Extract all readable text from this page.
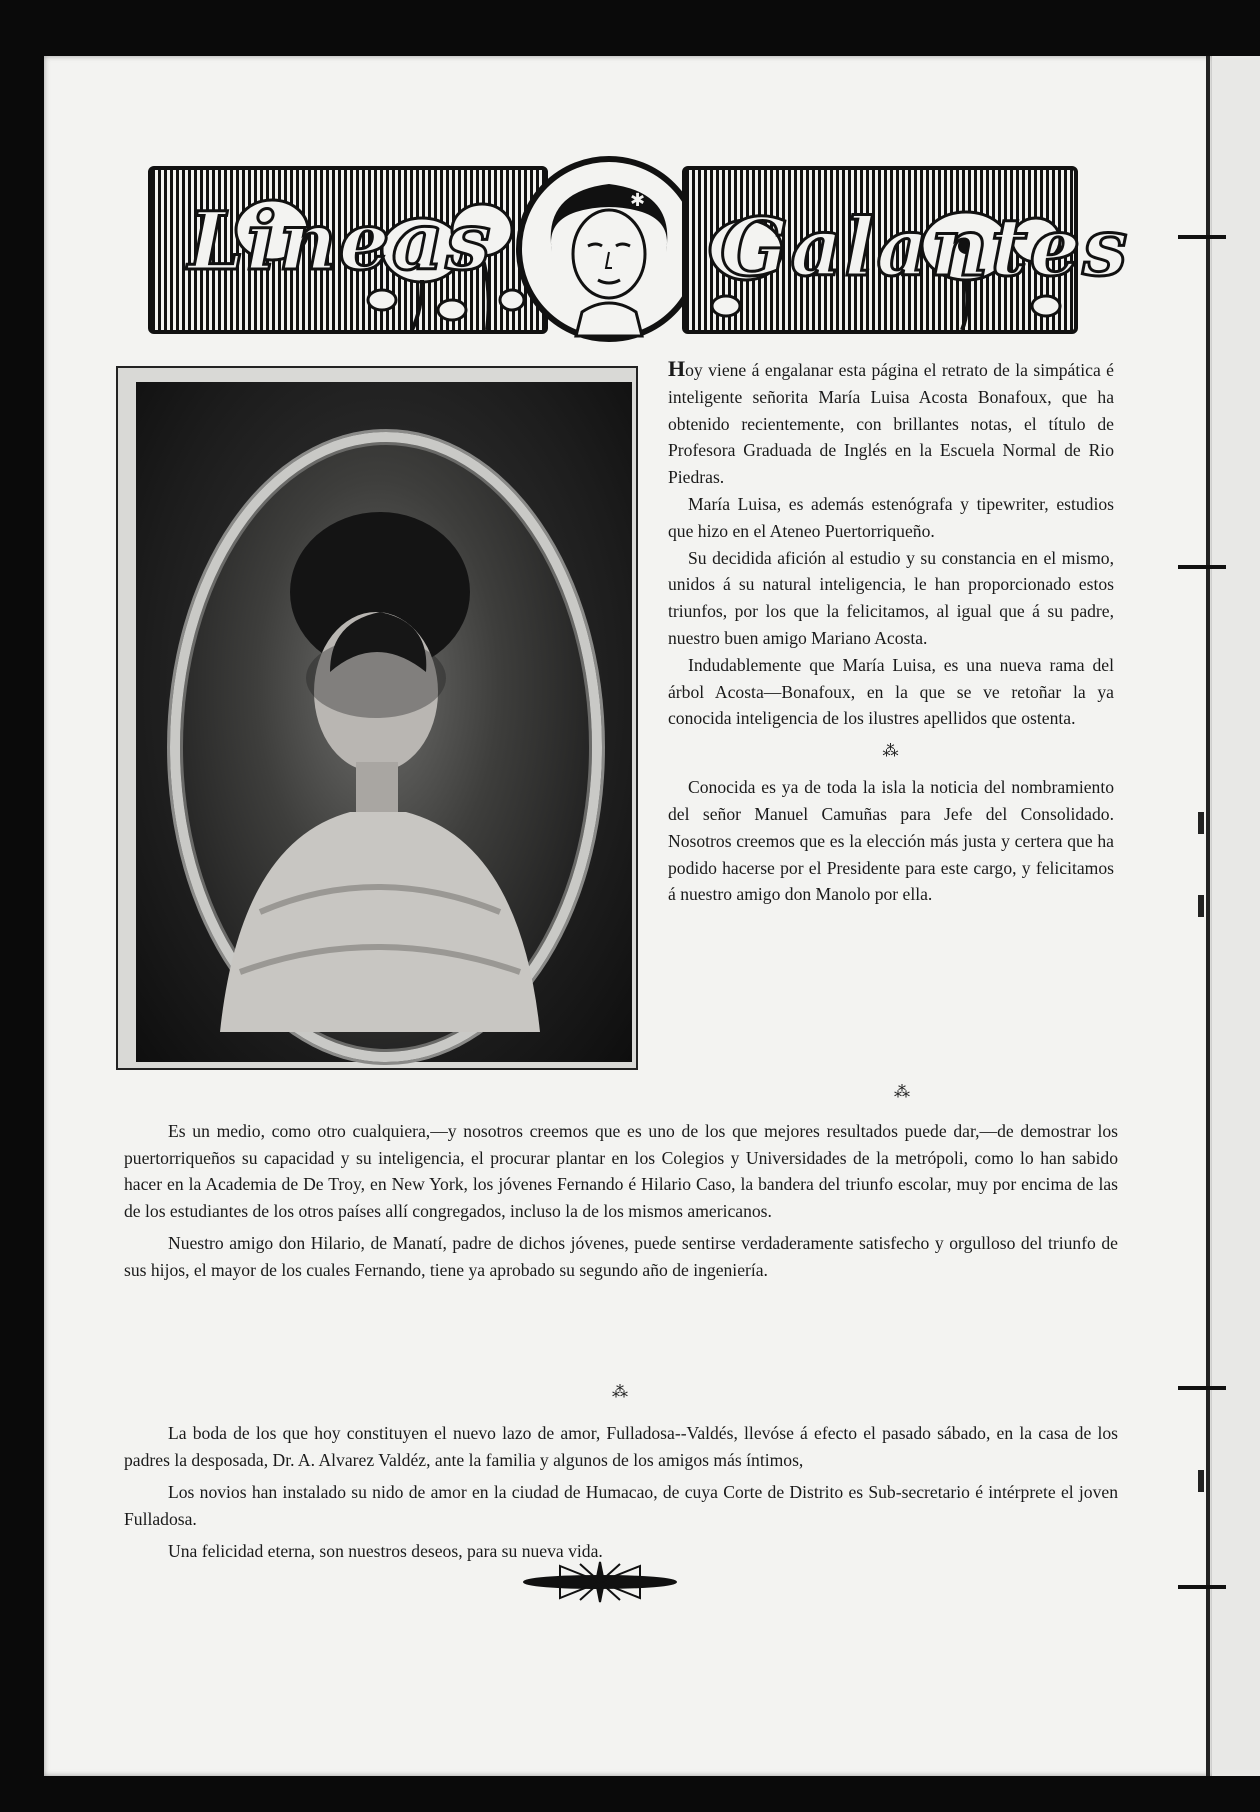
Lineas	✱ Galantes

Hoy viene á engalanar esta página el retrato de la simpática é inteligente señorita María Luisa Acosta Bonafoux, que ha obtenido recientemente, con brillantes notas, el título de Profesora Graduada de Inglés en la Escuela Normal de Rio Piedras.

María Luisa, es además estenógrafa y tipewriter, estudios que hizo en el Ateneo Puertorriqueño.

Su decidida afición al estudio y su constancia en el mismo, unidos á su natural inteligencia, le han proporcionado estos triunfos, por los que la felicitamos, al igual que á su padre, nuestro buen amigo Mariano Acosta.

Indudablemente que María Luisa, es una nueva rama del árbol Acosta—Bonafoux, en la que se ve retoñar la ya conocida inteligencia de los ilustres apellidos que ostenta.

⁂

Conocida es ya de toda la isla la noticia del nombramiento del señor Manuel Camuñas para Jefe del Consolidado. Nosotros creemos que es la elección más justa y certera que ha podido hacerse por el Presidente para este cargo, y felicitamos á nuestro amigo don Manolo por ella.

⁂

Es un medio, como otro cualquiera,—y nosotros creemos que es uno de los que mejores resultados puede dar,—de demostrar los puertorriqueños su capacidad y su inteligencia, el procurar plantar en los Colegios y Universidades de la metrópoli, como lo han sabido hacer en la Academia de De Troy, en New York, los jóvenes Fernando é Hilario Caso, la bandera del triunfo escolar, muy por encima de las de los estudiantes de los otros países allí congregados, incluso la de los mismos americanos.

Nuestro amigo don Hilario, de Manatí, padre de dichos jóvenes, puede sentirse verdaderamente satisfecho y orgulloso del triunfo de sus hijos, el mayor de los cuales Fernando, tiene ya aprobado su segundo año de ingeniería.

⁂

La boda de los que hoy constituyen el nuevo lazo de amor, Fulladosa--Valdés, llevóse á efecto el pasado sábado, en la casa de los padres la desposada, Dr. A. Alvarez Valdéz, ante la familia y algunos de los amigos más íntimos,

Los novios han instalado su nido de amor en la ciudad de Humacao, de cuya Corte de Distrito es Sub-secretario é intérprete el joven Fulladosa.

Una felicidad eterna, son nuestros deseos, para su nueva vida.
